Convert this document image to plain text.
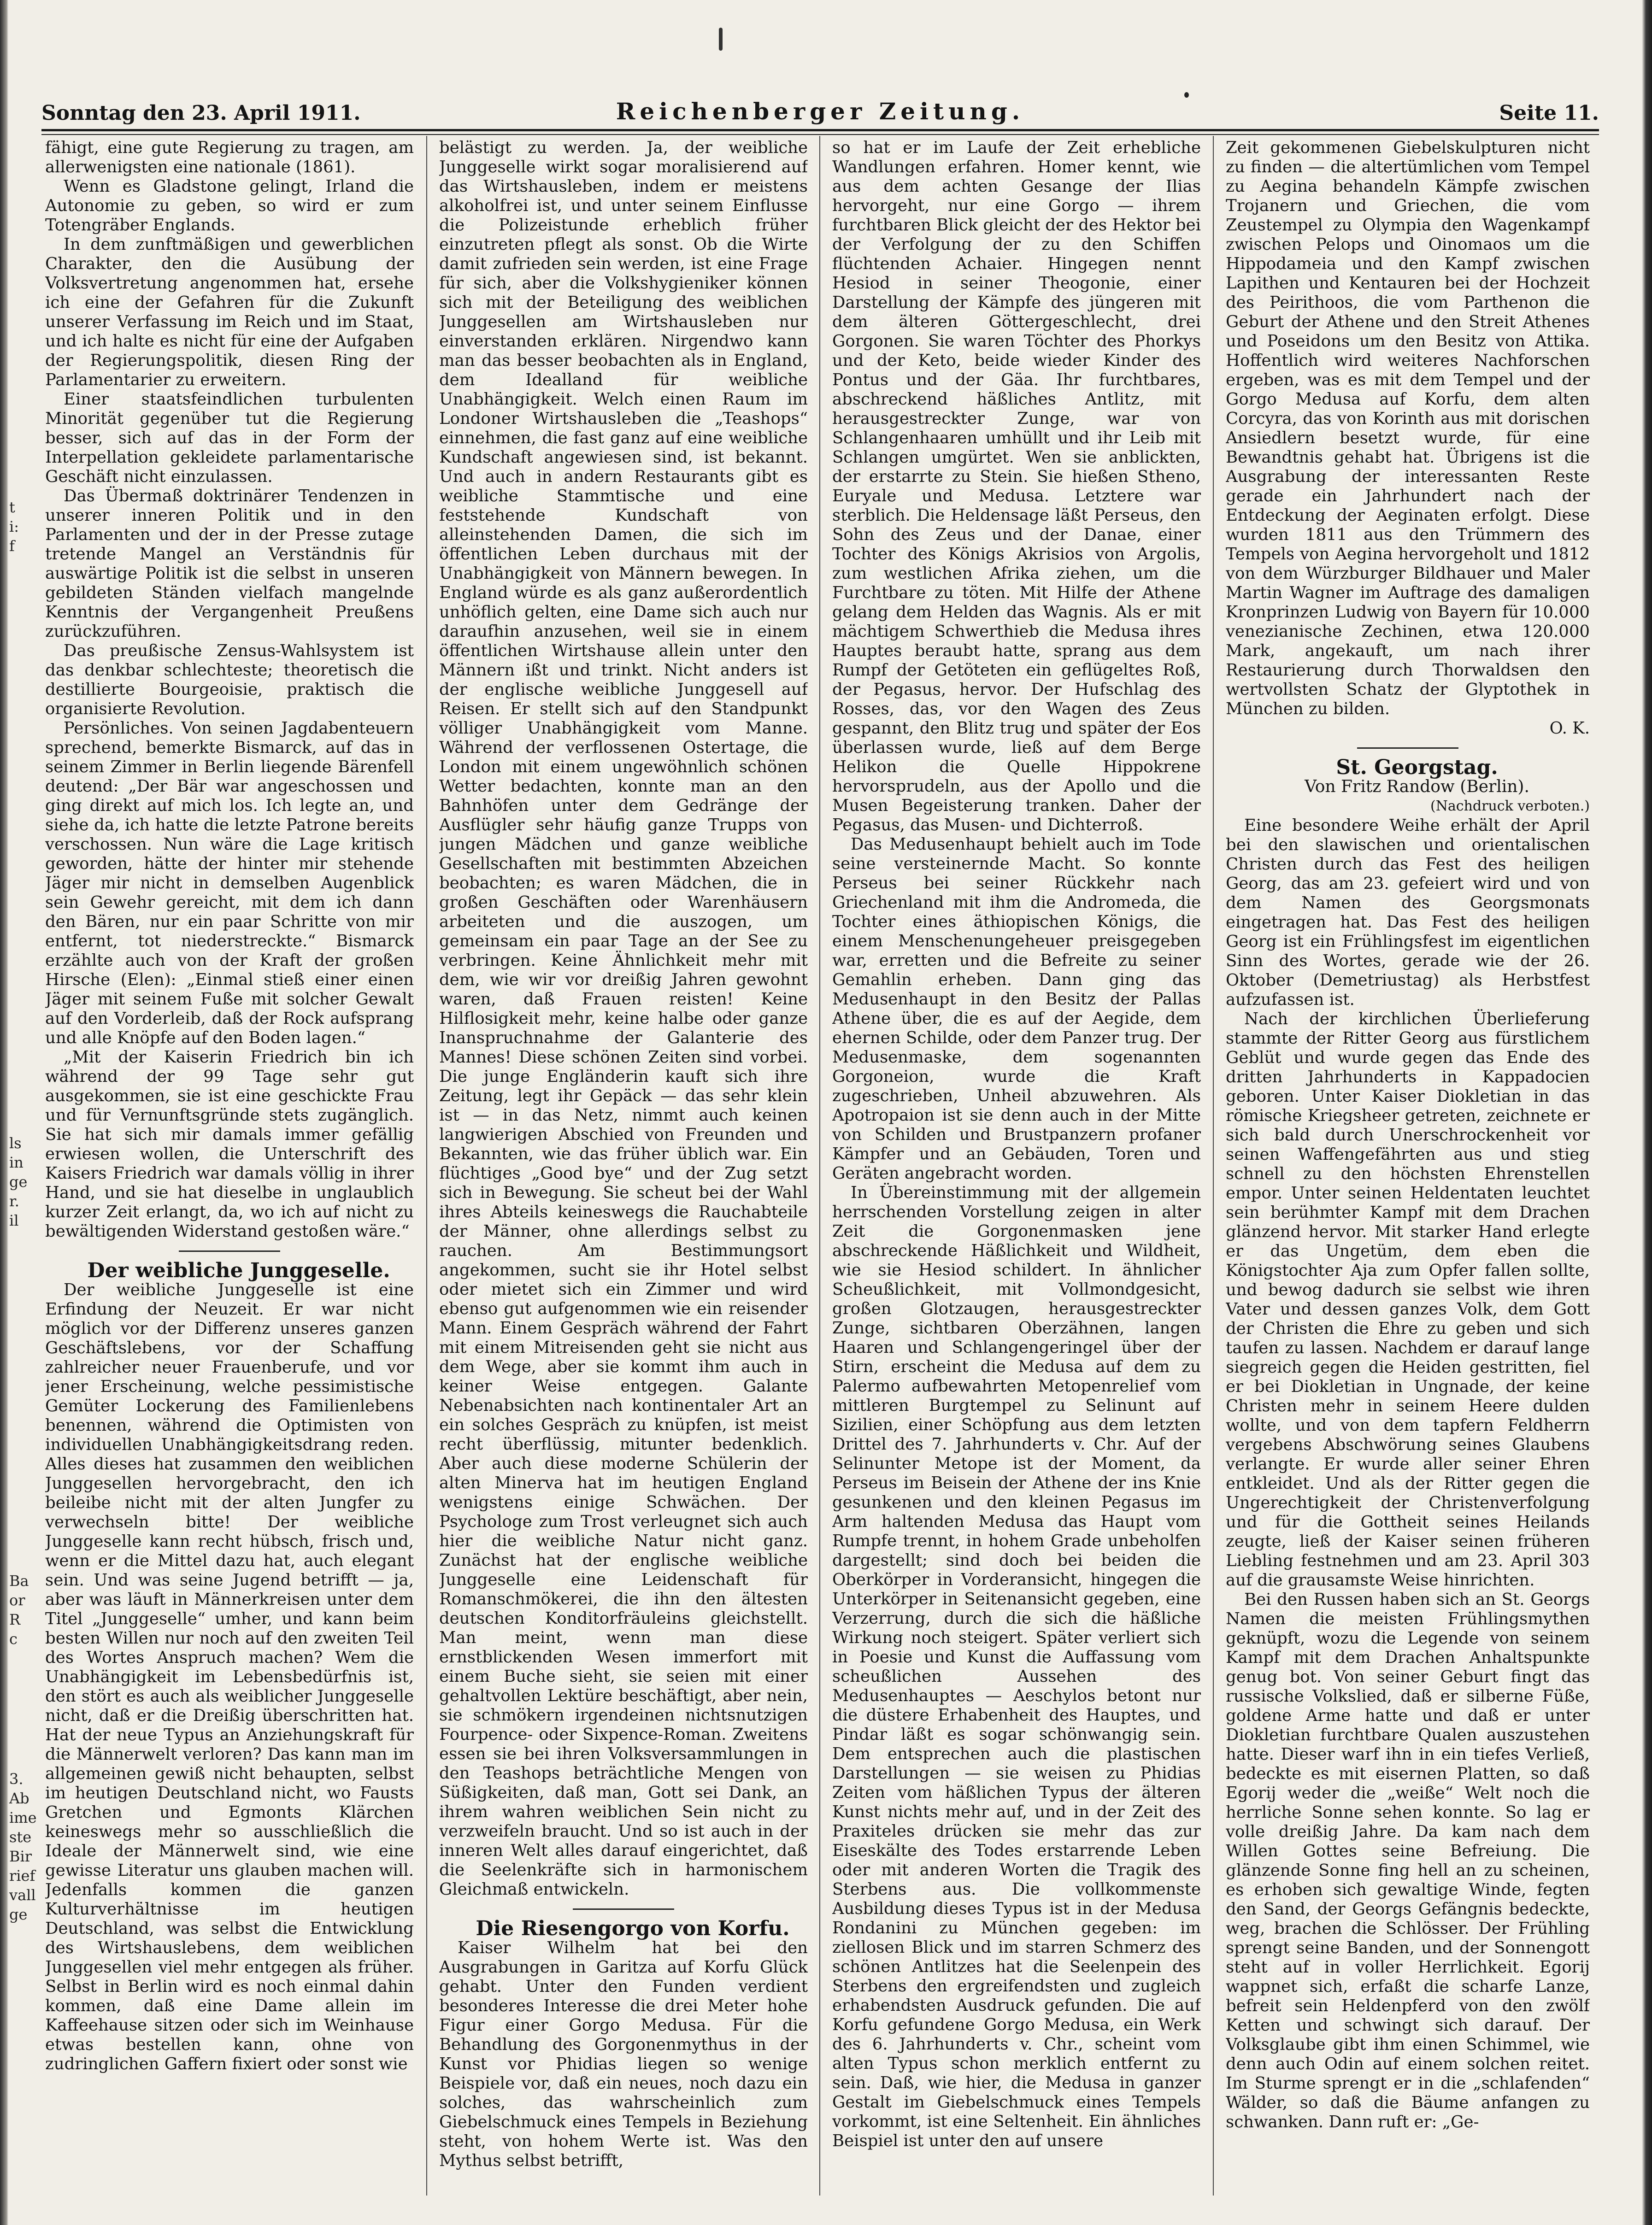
Sonntag den 23. April 1911.	Reichenberger Zeitung.	Seite 11.
t i: f
ls in ge r. il
Ba or R c
3. Ab ime ste Bir rief vall ge

fähigt, eine gute Regierung zu tragen, am allerwenigsten eine nationale (1861).

Wenn es Gladstone gelingt, Irland die Autonomie zu geben, so wird er zum Totengräber Englands.

In dem zunftmäßigen und gewerblichen Charakter, den die Ausübung der Volksvertretung angenommen hat, ersehe ich eine der Gefahren für die Zukunft unserer Verfassung im Reich und im Staat, und ich halte es nicht für eine der Aufgaben der Regierungspolitik, diesen Ring der Parlamentarier zu erweitern.

Einer staatsfeindlichen turbulenten Minorität gegenüber tut die Regierung besser, sich auf das in der Form der Interpellation gekleidete parlamentarische Geschäft nicht einzulassen.

Das Übermaß doktrinärer Tendenzen in unserer inneren Politik und in den Parlamenten und der in der Presse zutage tretende Mangel an Verständnis für auswärtige Politik ist die selbst in unseren gebildeten Ständen vielfach mangelnde Kenntnis der Vergangenheit Preußens zurückzuführen.

Das preußische Zensus-Wahlsystem ist das denkbar schlechteste; theoretisch die destillierte Bourgeoisie, praktisch die organisierte Revolution.

Persönliches. Von seinen Jagdabenteuern sprechend, bemerkte Bismarck, auf das in seinem Zimmer in Berlin liegende Bärenfell deutend: „Der Bär war angeschossen und ging direkt auf mich los. Ich legte an, und siehe da, ich hatte die letzte Patrone bereits verschossen. Nun wäre die Lage kritisch geworden, hätte der hinter mir stehende Jäger mir nicht in demselben Augenblick sein Gewehr gereicht, mit dem ich dann den Bären, nur ein paar Schritte von mir entfernt, tot niederstreckte.“ Bismarck erzählte auch von der Kraft der großen Hirsche (Elen): „Einmal stieß einer einen Jäger mit seinem Fuße mit solcher Gewalt auf den Vorderleib, daß der Rock aufsprang und alle Knöpfe auf den Boden lagen.“

„Mit der Kaiserin Friedrich bin ich während der 99 Tage sehr gut ausgekommen, sie ist eine geschickte Frau und für Vernunftsgründe stets zugänglich. Sie hat sich mir damals immer gefällig erwiesen wollen, die Unterschrift des Kaisers Friedrich war damals völlig in ihrer Hand, und sie hat dieselbe in unglaublich kurzer Zeit erlangt, da, wo ich auf nicht zu bewältigenden Widerstand gestoßen wäre.“

Der weibliche Junggeselle.

Der weibliche Junggeselle ist eine Erfindung der Neuzeit. Er war nicht möglich vor der Differenz unseres ganzen Geschäftslebens, vor der Schaffung zahlreicher neuer Frauenberufe, und vor jener Erscheinung, welche pessimistische Gemüter Lockerung des Familienlebens benennen, während die Optimisten von individuellen Unabhängigkeitsdrang reden. Alles dieses hat zusammen den weiblichen Junggesellen hervorgebracht, den ich beileibe nicht mit der alten Jungfer zu verwechseln bitte! Der weibliche Junggeselle kann recht hübsch, frisch und, wenn er die Mittel dazu hat, auch elegant sein. Und was seine Jugend betrifft — ja, aber was läuft in Männerkreisen unter dem Titel „Junggeselle“ umher, und kann beim besten Willen nur noch auf den zweiten Teil des Wortes Anspruch machen? Wem die Unabhängigkeit im Lebensbedürfnis ist, den stört es auch als weiblicher Junggeselle nicht, daß er die Dreißig überschritten hat. Hat der neue Typus an Anziehungskraft für die Männerwelt verloren? Das kann man im allgemeinen gewiß nicht behaupten, selbst im heutigen Deutschland nicht, wo Fausts Gretchen und Egmonts Klärchen keineswegs mehr so ausschließlich die Ideale der Männerwelt sind, wie eine gewisse Literatur uns glauben machen will. Jedenfalls kommen die ganzen Kulturverhältnisse im heutigen Deutschland, was selbst die Entwicklung des Wirtshauslebens, dem weiblichen Junggesellen viel mehr entgegen als früher. Selbst in Berlin wird es noch einmal dahin kommen, daß eine Dame allein im Kaffeehause sitzen oder sich im Weinhause etwas bestellen kann, ohne von zudringlichen Gaffern fixiert oder sonst wie

belästigt zu werden. Ja, der weibliche Junggeselle wirkt sogar moralisierend auf das Wirtshausleben, indem er meistens alkoholfrei ist, und unter seinem Einflusse die Polizeistunde erheblich früher einzutreten pflegt als sonst. Ob die Wirte damit zufrieden sein werden, ist eine Frage für sich, aber die Volkshygieniker können sich mit der Beteiligung des weiblichen Junggesellen am Wirtshausleben nur einverstanden erklären. Nirgendwo kann man das besser beobachten als in England, dem Idealland für weibliche Unabhängigkeit. Welch einen Raum im Londoner Wirtshausleben die „Teashops“ einnehmen, die fast ganz auf eine weibliche Kundschaft angewiesen sind, ist bekannt. Und auch in andern Restaurants gibt es weibliche Stammtische und eine feststehende Kundschaft von alleinstehenden Damen, die sich im öffentlichen Leben durchaus mit der Unabhängigkeit von Männern bewegen. In England würde es als ganz außerordentlich unhöflich gelten, eine Dame sich auch nur daraufhin anzusehen, weil sie in einem öffentlichen Wirtshause allein unter den Männern ißt und trinkt. Nicht anders ist der englische weibliche Junggesell auf Reisen. Er stellt sich auf den Standpunkt völliger Unabhängigkeit vom Manne. Während der verflossenen Ostertage, die London mit einem ungewöhnlich schönen Wetter bedachten, konnte man an den Bahnhöfen unter dem Gedränge der Ausflügler sehr häufig ganze Trupps von jungen Mädchen und ganze weibliche Gesellschaften mit bestimmten Abzeichen beobachten; es waren Mädchen, die in großen Geschäften oder Warenhäusern arbeiteten und die auszogen, um gemeinsam ein paar Tage an der See zu verbringen. Keine Ähnlichkeit mehr mit dem, wie wir vor dreißig Jahren gewohnt waren, daß Frauen reisten! Keine Hilflosigkeit mehr, keine halbe oder ganze Inanspruchnahme der Galanterie des Mannes! Diese schönen Zeiten sind vorbei. Die junge Engländerin kauft sich ihre Zeitung, legt ihr Gepäck — das sehr klein ist — in das Netz, nimmt auch keinen langwierigen Abschied von Freunden und Bekannten, wie das früher üblich war. Ein flüchtiges „Good bye“ und der Zug setzt sich in Bewegung. Sie scheut bei der Wahl ihres Abteils keineswegs die Rauchabteile der Männer, ohne allerdings selbst zu rauchen. Am Bestimmungsort angekommen, sucht sie ihr Hotel selbst oder mietet sich ein Zimmer und wird ebenso gut aufgenommen wie ein reisender Mann. Einem Gespräch während der Fahrt mit einem Mitreisenden geht sie nicht aus dem Wege, aber sie kommt ihm auch in keiner Weise entgegen. Galante Nebenabsichten nach kontinentaler Art an ein solches Gespräch zu knüpfen, ist meist recht überflüssig, mitunter bedenklich. Aber auch diese moderne Schülerin der alten Minerva hat im heutigen England wenigstens einige Schwächen. Der Psychologe zum Trost verleugnet sich auch hier die weibliche Natur nicht ganz. Zunächst hat der englische weibliche Junggeselle eine Leidenschaft für Romanschmökerei, die ihn den ältesten deutschen Konditorfräuleins gleichstellt. Man meint, wenn man diese ernstblickenden Wesen immerfort mit einem Buche sieht, sie seien mit einer gehaltvollen Lektüre beschäftigt, aber nein, sie schmökern irgendeinen nichtsnutzigen Fourpence- oder Sixpence-Roman. Zweitens essen sie bei ihren Volksversammlungen in den Teashops beträchtliche Mengen von Süßigkeiten, daß man, Gott sei Dank, an ihrem wahren weiblichen Sein nicht zu verzweifeln braucht. Und so ist auch in der inneren Welt alles darauf eingerichtet, daß die Seelenkräfte sich in harmonischem Gleichmaß entwickeln.

Die Riesengorgo von Korfu.

Kaiser Wilhelm hat bei den Ausgrabungen in Garitza auf Korfu Glück gehabt. Unter den Funden verdient besonderes Interesse die drei Meter hohe Figur einer Gorgo Medusa. Für die Behandlung des Gorgonenmythus in der Kunst vor Phidias liegen so wenige Beispiele vor, daß ein neues, noch dazu ein solches, das wahrscheinlich zum Giebelschmuck eines Tempels in Beziehung steht, von hohem Werte ist. Was den Mythus selbst betrifft,

so hat er im Laufe der Zeit erhebliche Wandlungen erfahren. Homer kennt, wie aus dem achten Gesange der Ilias hervorgeht, nur eine Gorgo — ihrem furchtbaren Blick gleicht der des Hektor bei der Verfolgung der zu den Schiffen flüchtenden Achaier. Hingegen nennt Hesiod in seiner Theogonie, einer Darstellung der Kämpfe des jüngeren mit dem älteren Göttergeschlecht, drei Gorgonen. Sie waren Töchter des Phorkys und der Keto, beide wieder Kinder des Pontus und der Gäa. Ihr furchtbares, abschreckend häßliches Antlitz, mit herausgestreckter Zunge, war von Schlangenhaaren umhüllt und ihr Leib mit Schlangen umgürtet. Wen sie anblickten, der erstarrte zu Stein. Sie hießen Stheno, Euryale und Medusa. Letztere war sterblich. Die Heldensage läßt Perseus, den Sohn des Zeus und der Danae, einer Tochter des Königs Akrisios von Argolis, zum westlichen Afrika ziehen, um die Furchtbare zu töten. Mit Hilfe der Athene gelang dem Helden das Wagnis. Als er mit mächtigem Schwerthieb die Medusa ihres Hauptes beraubt hatte, sprang aus dem Rumpf der Getöteten ein geflügeltes Roß, der Pegasus, hervor. Der Hufschlag des Rosses, das, vor den Wagen des Zeus gespannt, den Blitz trug und später der Eos überlassen wurde, ließ auf dem Berge Helikon die Quelle Hippokrene hervorsprudeln, aus der Apollo und die Musen Begeisterung tranken. Daher der Pegasus, das Musen- und Dichterroß.

Das Medusenhaupt behielt auch im Tode seine versteinernde Macht. So konnte Perseus bei seiner Rückkehr nach Griechenland mit ihm die Andromeda, die Tochter eines äthiopischen Königs, die einem Menschenungeheuer preisgegeben war, erretten und die Befreite zu seiner Gemahlin erheben. Dann ging das Medusenhaupt in den Besitz der Pallas Athene über, die es auf der Aegide, dem ehernen Schilde, oder dem Panzer trug. Der Medusenmaske, dem sogenannten Gorgoneion, wurde die Kraft zugeschrieben, Unheil abzuwehren. Als Apotropaion ist sie denn auch in der Mitte von Schilden und Brustpanzern profaner Kämpfer und an Gebäuden, Toren und Geräten angebracht worden.

In Übereinstimmung mit der allgemein herrschenden Vorstellung zeigen in alter Zeit die Gorgonenmasken jene abschreckende Häßlichkeit und Wildheit, wie sie Hesiod schildert. In ähnlicher Scheußlichkeit, mit Vollmondgesicht, großen Glotzaugen, herausgestreckter Zunge, sichtbaren Oberzähnen, langen Haaren und Schlangengeringel über der Stirn, erscheint die Medusa auf dem zu Palermo aufbewahrten Metopenrelief vom mittleren Burgtempel zu Selinunt auf Sizilien, einer Schöpfung aus dem letzten Drittel des 7. Jahrhunderts v. Chr. Auf der Selinunter Metope ist der Moment, da Perseus im Beisein der Athene der ins Knie gesunkenen und den kleinen Pegasus im Arm haltenden Medusa das Haupt vom Rumpfe trennt, in hohem Grade unbeholfen dargestellt; sind doch bei beiden die Oberkörper in Vorderansicht, hingegen die Unterkörper in Seitenansicht gegeben, eine Verzerrung, durch die sich die häßliche Wirkung noch steigert. Später verliert sich in Poesie und Kunst die Auffassung vom scheußlichen Aussehen des Medusenhauptes — Aeschylos betont nur die düstere Erhabenheit des Hauptes, und Pindar läßt es sogar schönwangig sein. Dem entsprechen auch die plastischen Darstellungen — sie weisen zu Phidias Zeiten vom häßlichen Typus der älteren Kunst nichts mehr auf, und in der Zeit des Praxiteles drücken sie mehr das zur Eiseskälte des Todes erstarrende Leben oder mit anderen Worten die Tragik des Sterbens aus. Die vollkommenste Ausbildung dieses Typus ist in der Medusa Rondanini zu München gegeben: im ziellosen Blick und im starren Schmerz des schönen Antlitzes hat die Seelenpein des Sterbens den ergreifendsten und zugleich erhabendsten Ausdruck gefunden. Die auf Korfu gefundene Gorgo Medusa, ein Werk des 6. Jahrhunderts v. Chr., scheint vom alten Typus schon merklich entfernt zu sein. Daß, wie hier, die Medusa in ganzer Gestalt im Giebelschmuck eines Tempels vorkommt, ist eine Seltenheit. Ein ähnliches Beispiel ist unter den auf unsere

Zeit gekommenen Giebelskulpturen nicht zu finden — die altertümlichen vom Tempel zu Aegina behandeln Kämpfe zwischen Trojanern und Griechen, die vom Zeustempel zu Olympia den Wagenkampf zwischen Pelops und Oinomaos um die Hippodameia und den Kampf zwischen Lapithen und Kentauren bei der Hochzeit des Peirithoos, die vom Parthenon die Geburt der Athene und den Streit Athenes und Poseidons um den Besitz von Attika. Hoffentlich wird weiteres Nachforschen ergeben, was es mit dem Tempel und der Gorgo Medusa auf Korfu, dem alten Corcyra, das von Korinth aus mit dorischen Ansiedlern besetzt wurde, für eine Bewandtnis gehabt hat. Übrigens ist die Ausgrabung der interessanten Reste gerade ein Jahrhundert nach der Entdeckung der Aeginaten erfolgt. Diese wurden 1811 aus den Trümmern des Tempels von Aegina hervorgeholt und 1812 von dem Würzburger Bildhauer und Maler Martin Wagner im Auftrage des damaligen Kronprinzen Ludwig von Bayern für 10.000 venezianische Zechinen, etwa 120.000 Mark, angekauft, um nach ihrer Restaurierung durch Thorwaldsen den wertvollsten Schatz der Glyptothek in München zu bilden.

O. K.

St. Georgstag.

Von Fritz Randow (Berlin).

(Nachdruck verboten.)

Eine besondere Weihe erhält der April bei den slawischen und orientalischen Christen durch das Fest des heiligen Georg, das am 23. gefeiert wird und von dem Namen des Georgsmonats eingetragen hat. Das Fest des heiligen Georg ist ein Frühlingsfest im eigentlichen Sinn des Wortes, gerade wie der 26. Oktober (Demetriustag) als Herbstfest aufzufassen ist.

Nach der kirchlichen Überlieferung stammte der Ritter Georg aus fürstlichem Geblüt und wurde gegen das Ende des dritten Jahrhunderts in Kappadocien geboren. Unter Kaiser Diokletian in das römische Kriegsheer getreten, zeichnete er sich bald durch Unerschrockenheit vor seinen Waffengefährten aus und stieg schnell zu den höchsten Ehrenstellen empor. Unter seinen Heldentaten leuchtet sein berühmter Kampf mit dem Drachen glänzend hervor. Mit starker Hand erlegte er das Ungetüm, dem eben die Königstochter Aja zum Opfer fallen sollte, und bewog dadurch sie selbst wie ihren Vater und dessen ganzes Volk, dem Gott der Christen die Ehre zu geben und sich taufen zu lassen. Nachdem er darauf lange siegreich gegen die Heiden gestritten, fiel er bei Diokletian in Ungnade, der keine Christen mehr in seinem Heere dulden wollte, und von dem tapfern Feldherrn vergebens Abschwörung seines Glaubens verlangte. Er wurde aller seiner Ehren entkleidet. Und als der Ritter gegen die Ungerechtigkeit der Christenverfolgung und für die Gottheit seines Heilands zeugte, ließ der Kaiser seinen früheren Liebling festnehmen und am 23. April 303 auf die grausamste Weise hinrichten.

Bei den Russen haben sich an St. Georgs Namen die meisten Frühlingsmythen geknüpft, wozu die Legende von seinem Kampf mit dem Drachen Anhaltspunkte genug bot. Von seiner Geburt fingt das russische Volkslied, daß er silberne Füße, goldene Arme hatte und daß er unter Diokletian furchtbare Qualen auszustehen hatte. Dieser warf ihn in ein tiefes Verließ, bedeckte es mit eisernen Platten, so daß Egorij weder die „weiße“ Welt noch die herrliche Sonne sehen konnte. So lag er volle dreißig Jahre. Da kam nach dem Willen Gottes seine Befreiung. Die glänzende Sonne fing hell an zu scheinen, es erhoben sich gewaltige Winde, fegten den Sand, der Georgs Gefängnis bedeckte, weg, brachen die Schlösser. Der Frühling sprengt seine Banden, und der Sonnengott steht auf in voller Herrlichkeit. Egorij wappnet sich, erfaßt die scharfe Lanze, befreit sein Heldenpferd von den zwölf Ketten und schwingt sich darauf. Der Volksglaube gibt ihm einen Schimmel, wie denn auch Odin auf einem solchen reitet. Im Sturme sprengt er in die „schlafenden“ Wälder, so daß die Bäume anfangen zu schwanken. Dann ruft er: „Ge-
